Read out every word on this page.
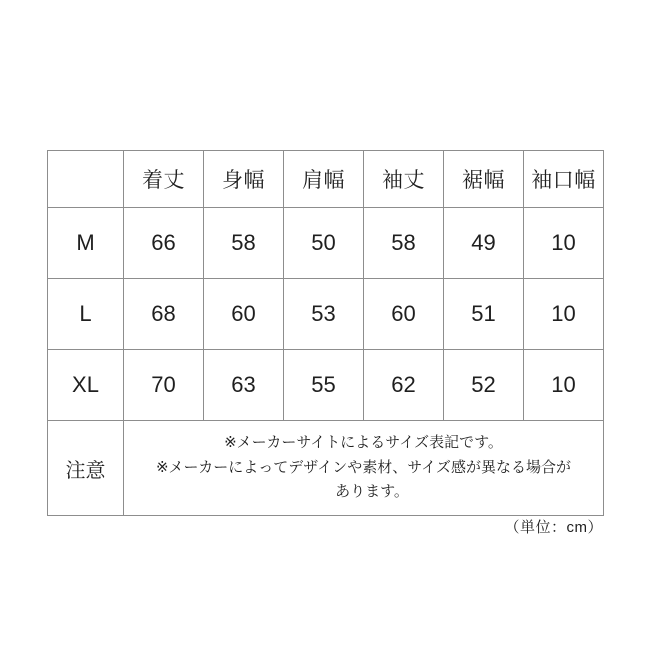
	着丈	身幅	肩幅	袖丈	裾幅	袖口幅
M	66	58	50	58	49	10
L	68	60	53	60	51	10
XL	70	63	55	62	52	10
注意	※メーカーサイトによるサイズ表記です。
※メーカーによってデザインや素材、サイズ感が異なる場合が
あります。					
（単位：cm）
